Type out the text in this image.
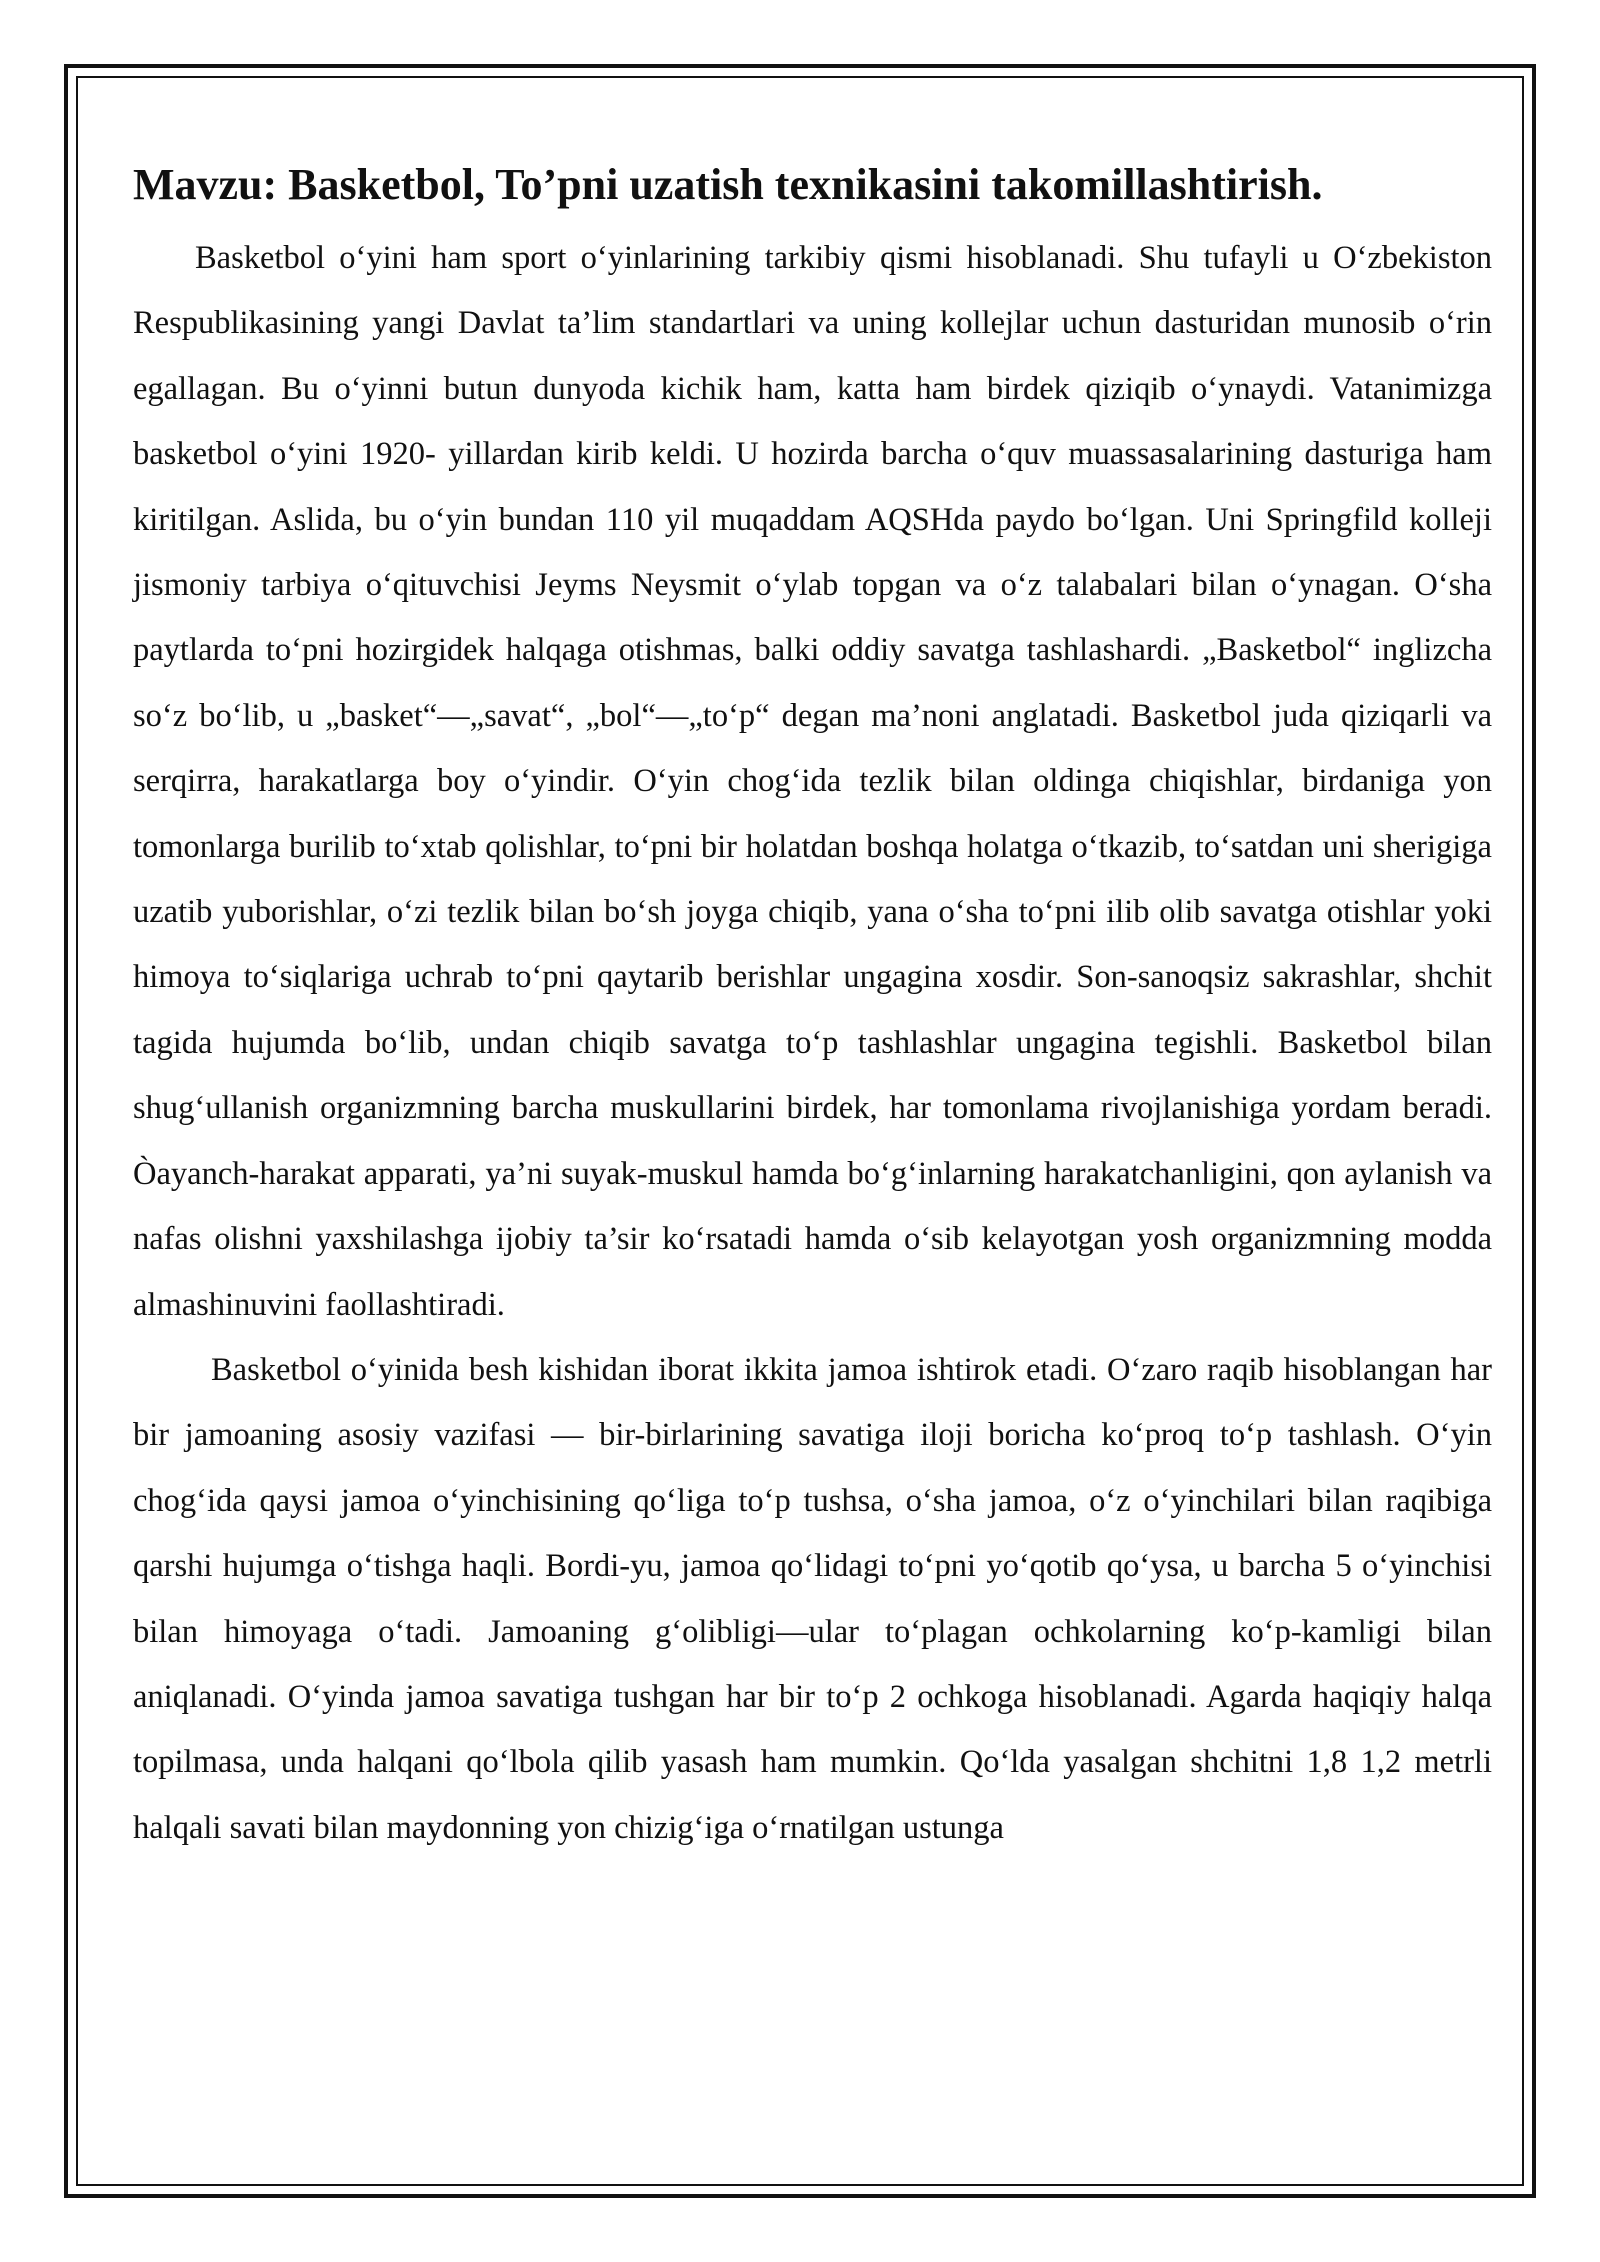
Mavzu: Basketbol, To’pni uzatish texnikasini takomillashtirish.

Basketbol o‘yini ham sport o‘yinlarining tarkibiy qismi hisoblanadi. Shu tufayli u O‘zbekiston Respublikasining yangi Davlat ta’lim standartlari va uning kollejlar uchun dasturidan munosib o‘rin egallagan. Bu o‘yinni butun dunyoda kichik ham, katta ham birdek qiziqib o‘ynaydi. Vatanimizga basketbol o‘yini 1920- yillardan kirib keldi. U hozirda barcha o‘quv muassasalarining dasturiga ham kiritilgan. Aslida, bu o‘yin bundan 110 yil muqaddam AQSHda paydo bo‘lgan. Uni Springfild kolleji jismoniy tarbiya o‘qituvchisi Jeyms Neysmit o‘ylab topgan va o‘z talabalari bilan o‘ynagan. O‘sha paytlarda to‘pni hozirgidek halqaga otishmas, balki oddiy savatga tashlashardi. „Basketbol“ inglizcha so‘z bo‘lib, u „basket“—„savat“, „bol“—„to‘p“ degan ma’noni anglatadi. Basketbol juda qiziqarli va serqirra, harakatlarga boy o‘yindir. O‘yin chog‘ida tezlik bilan oldinga chiqishlar, birdaniga yon tomonlarga burilib to‘xtab qolishlar, to‘pni bir holatdan boshqa holatga o‘tkazib, to‘satdan uni sherigiga uzatib yuborishlar, o‘zi tezlik bilan bo‘sh joyga chiqib, yana o‘sha to‘pni ilib olib savatga otishlar yoki himoya to‘siqlariga uchrab to‘pni qaytarib berishlar ungagina xosdir. Son-sanoqsiz sakrashlar, shchit tagida hujumda bo‘lib, undan chiqib savatga to‘p tashlashlar ungagina tegishli. Basketbol bilan shug‘ullanish organizmning barcha muskullarini birdek, har tomonlama rivojlanishiga yordam beradi. Òayanch-harakat apparati, ya’ni suyak-muskul hamda bo‘g‘inlarning harakatchanligini, qon aylanish va nafas olishni yaxshilashga ijobiy ta’sir ko‘rsatadi hamda o‘sib kelayotgan yosh organizmning modda almashinuvini faollashtiradi.

Basketbol o‘yinida besh kishidan iborat ikkita jamoa ishtirok etadi. O‘zaro raqib hisoblangan har bir jamoaning asosiy vazifasi — bir-birlarining savatiga iloji boricha ko‘proq to‘p tashlash. O‘yin chog‘ida qaysi jamoa o‘yinchisining qo‘liga to‘p tushsa, o‘sha jamoa, o‘z o‘yinchilari bilan raqibiga qarshi hujumga o‘tishga haqli. Bordi-yu, jamoa qo‘lidagi to‘pni yo‘qotib qo‘ysa, u barcha 5 o‘yinchisi bilan himoyaga o‘tadi. Jamoaning g‘olibligi—ular to‘plagan ochkolarning ko‘p-kamligi bilan aniqlanadi. O‘yinda jamoa savatiga tushgan har bir to‘p 2 ochkoga hisoblanadi. Agarda haqiqiy halqa topilmasa, unda halqani qo‘lbola qilib yasash ham mumkin. Qo‘lda yasalgan shchitni 1,8 1,2 metrli halqali savati bilan maydonning yon chizig‘iga o‘rnatilgan ustunga
